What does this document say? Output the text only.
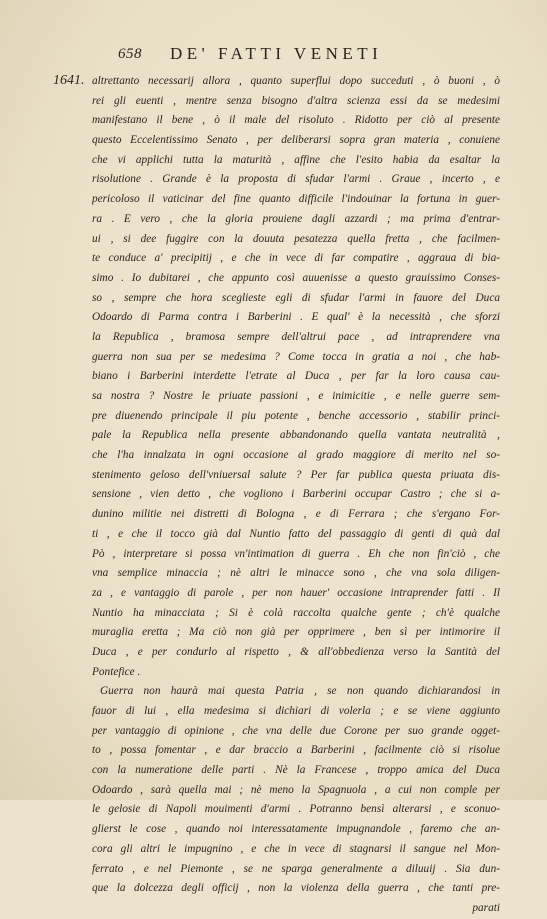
658 DE' FATTI VENETI
1641. altrettanto necessarij allora , quanto superflui dopo succeduti , ò buoni , ò
rei gli euenti , mentre senza bisogno d'altra scienza essi da se medesimi
manifestano il bene , ò il male del risoluto . Ridotto per ciò al presente
questo Eccelentissimo Senato , per deliberarsi sopra gran materia , conuiene
che vi applichi tutta la maturità , affine che l'esito habia da esaltar la
risolutione . Grande è la proposta di sfudar l'armi . Graue , incerto , e
pericoloso il vaticinar del fine quanto difficile l'indouinar la fortuna in guer-
ra . E vero , che la gloria prouiene dagli azzardi ; ma prima d'entrar-
ui , si dee fuggire con la douuta pesatezza quella fretta , che facilmen-
te conduce a' precipitij , e che in vece di far compatire , aggraua di bia-
simo . Io dubitarei , che appunto così auuenisse a questo grauissimo Conses-
so , sempre che hora sceglieste egli di sfudar l'armi in fauore del Duca
Odoardo di Parma contra i Barberini . E qual' è la necessità , che sforzi
la Republica , bramosa sempre dell'altrui pace , ad intraprendere vna
guerra non sua per se medesima ? Come tocca in gratia a noi , che hab-
biano i Barberini interdette l'etrate al Duca , per far la loro causa cau-
sa nostra ? Nostre le priuate passioni , e inimicitie , e nelle guerre sem-
pre diuenendo principale il piu potente , benche accessorio , stabilir princi-
pale la Republica nella presente abbandonando quella vantata neutralità ,
che l'ha innalzata in ogni occasione al grado maggiore di merito nel so-
stenimento geloso dell'vniuersal salute ? Per far publica questa priuata dis-
sensione , vien detto , che vogliono i Barberini occupar Castro ; che si a-
dunino militie nei distretti di Bologna , e di Ferrara ; che s'ergano For-
ti , e che il tocco già dal Nuntio fatto del passaggio di genti di quà dal
Pò , interpretare si possa vn'intimation di guerra . Eh che non fin'ciò , che
vna semplice minaccia ; nè altri le minacce sono , che vna sola diligen-
za , e vantaggio di parole , per non hauer' occasione intraprender fatti . Il
Nuntio ha minacciata ; Si è colà raccolta qualche gente ; ch'è qualche
muraglia eretta ; Ma ciò non già per opprimere , ben sì per intimorire il
Duca , e per condurlo al rispetto , & all'obbedienza verso la Santità del
Pontefice .
Guerra non haurà mai questa Patria , se non quando dichiarandosi in
fauor di lui , ella medesima si dichiari di volerla ; e se viene aggiunto
per vantaggio di opinione , che vna delle due Corone per suo grande ogget-
to , possa fomentar , e dar braccio a Barberini , facilmente ciò si risolue
con la numeratione delle parti . Nè la Francese , troppo amica del Duca
Odoardo , sarà quella mai ; nè meno la Spagnuola , a cui non comple per
le gelosie di Napoli mouimenti d'armi . Potranno bensì alterarsi , e sconuo-
glierst le cose , quando noi interessatamente impugnandole , faremo che an-
cora gli altri le impugnino , e che in vece di stagnarsi il sangue nel Mon-
ferrato , e nel Piemonte , se ne sparga generalmente a diluuij . Sia dun-
que la dolcezza degli officij , non la violenza della guerra , che tanti pre-
parati
